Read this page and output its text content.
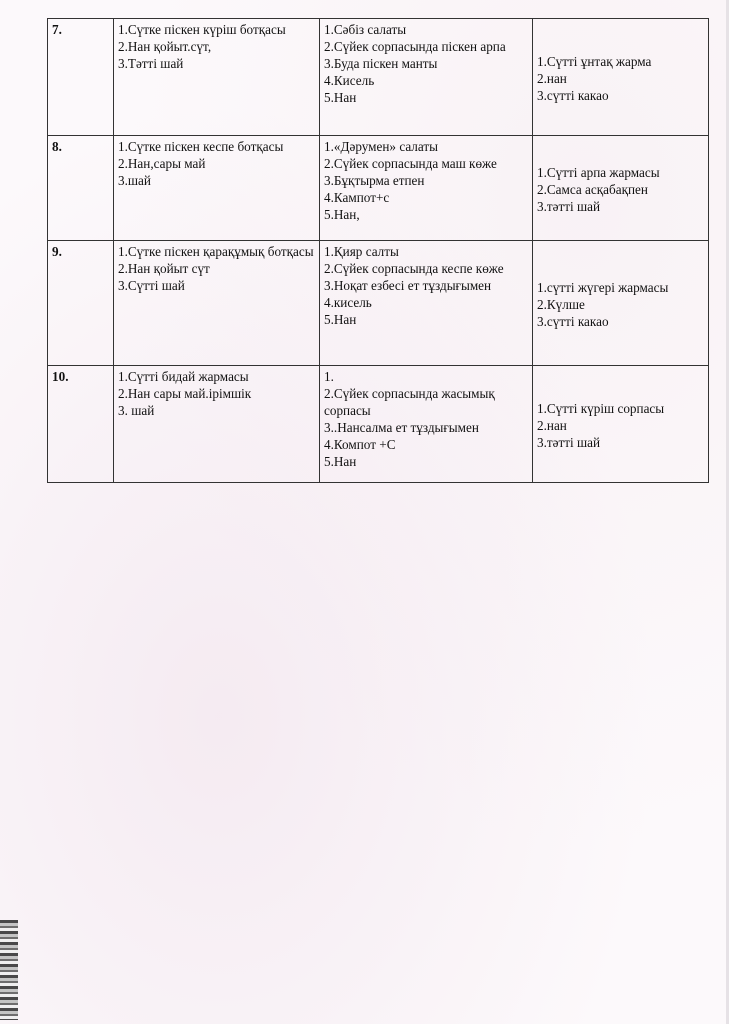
7.	1.Сүтке піскен күріш ботқасы
2.Нан қойыт.сүт,
3.Тәтті шай	1.Сәбіз салаты
2.Сүйек сорпасында піскен арпа
3.Буда піскен манты
4.Кисель
5.Нан	1.Сүтті ұнтақ жарма
2.нан
3.сүтті какао

8.	1.Сүтке піскен кеспе ботқасы
2.Нан,сары май
3.шай	1.«Дәрумен» салаты
2.Сүйек сорпасында маш көже
3.Бұқтырма етпен
4.Кампот+с
5.Нан,	1.Сүтті арпа жармасы
2.Самса асқабақпен
3.тәтті шай

9.	1.Сүтке піскен қарақұмық ботқасы
2.Нан қойыт сүт
3.Сүтті шай	1.Қияр салты
2.Сүйек сорпасында кеспе көже
3.Ноқат езбесі ет тұздығымен
4.кисель
5.Нан	1.сүтті жүгері жармасы
2.Күлше
3.сүтті какао

10.	1.Сүтті бидай жармасы
2.Нан сары май.ірімшік
3. шай	1.
2.Сүйек сорпасында жасымық сорпасы
3..Нансалма ет тұздығымен
4.Компот +С
5.Нан	1.Сүтті күріш сорпасы
2.нан
3.тәтті шай
